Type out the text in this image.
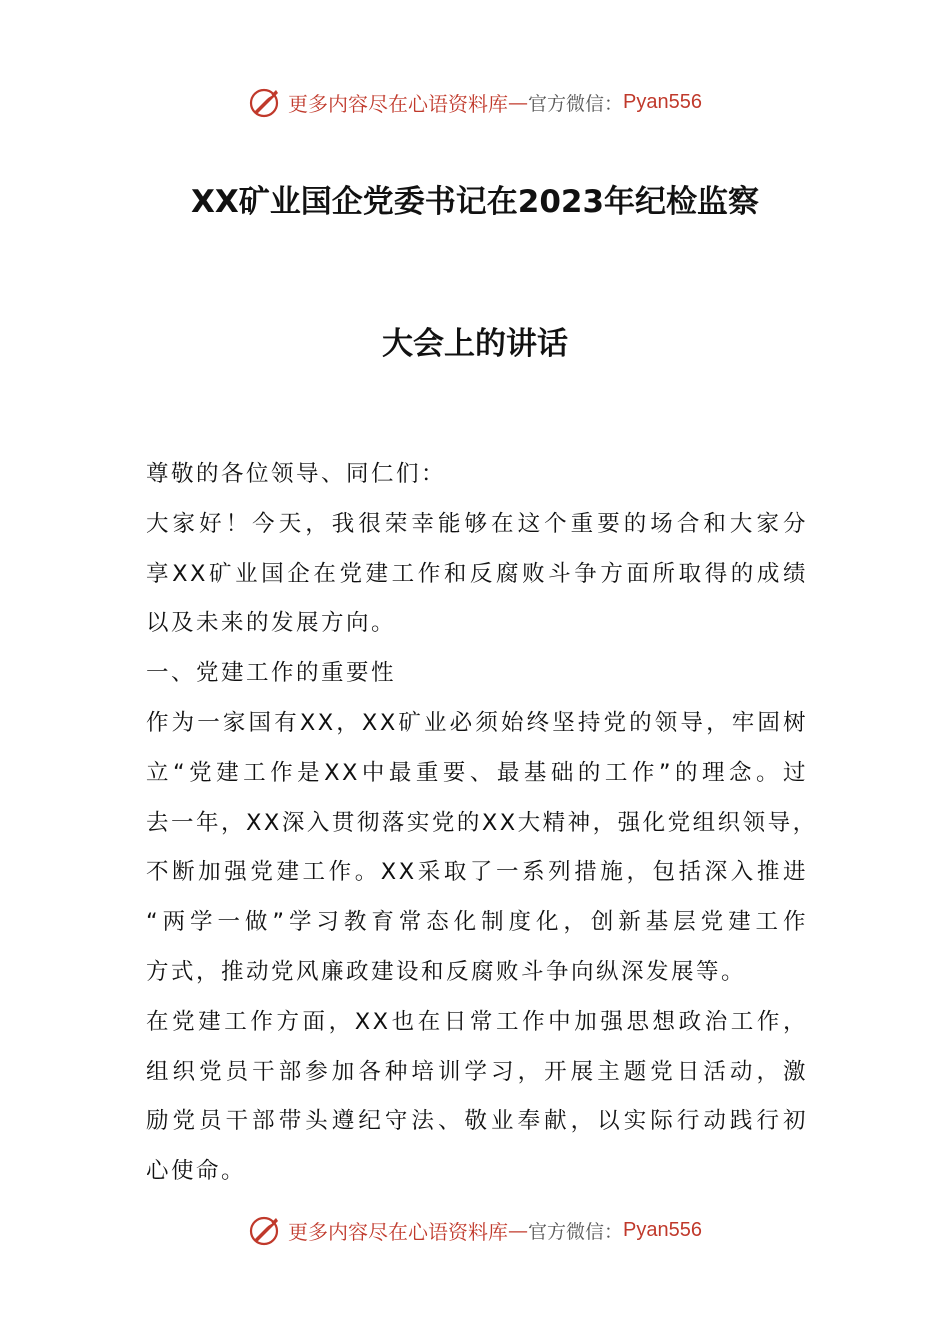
更多内容尽在心语资料库 — 官方微信： Pyan556
XX矿业国企党委书记在2023年纪检监察
大会上的讲话
尊敬的各位领导、同仁们：
大家好！今天，我很荣幸能够在这个重要的场合和大家分
享XX矿业国企在党建工作和反腐败斗争方面所取得的成绩
以及未来的发展方向。
一、党建工作的重要性
作为一家国有XX，XX矿业必须始终坚持党的领导，牢固树
立“党建工作是XX中最重要、最基础的工作”的理念。过
去一年，XX深入贯彻落实党的XX大精神，强化党组织领导，
不断加强党建工作。XX采取了一系列措施，包括深入推进
“两学一做”学习教育常态化制度化，创新基层党建工作
方式，推动党风廉政建设和反腐败斗争向纵深发展等。
在党建工作方面，XX也在日常工作中加强思想政治工作，
组织党员干部参加各种培训学习，开展主题党日活动，激
励党员干部带头遵纪守法、敬业奉献，以实际行动践行初
心使命。
更多内容尽在心语资料库 — 官方微信： Pyan556
